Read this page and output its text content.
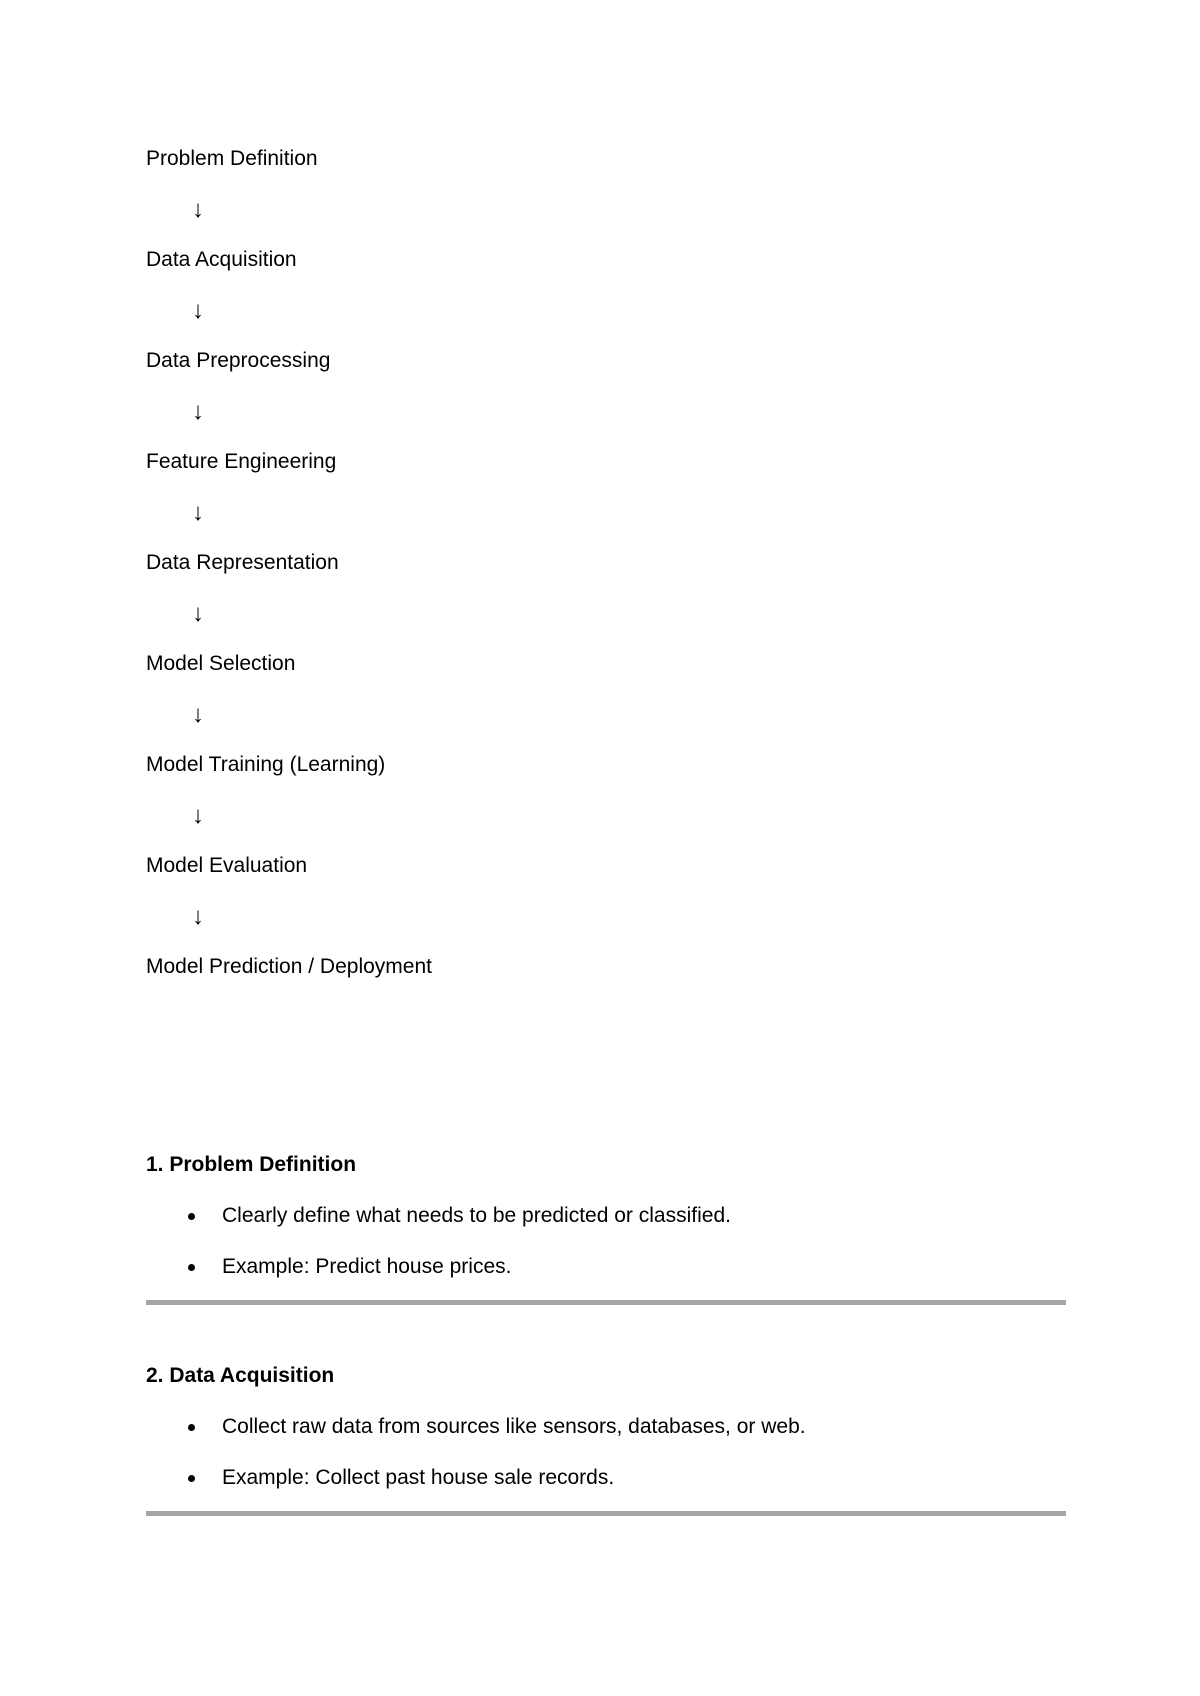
Problem Definition
↓
Data Acquisition
↓
Data Preprocessing
↓
Feature Engineering
↓
Data Representation
↓
Model Selection
↓
Model Training (Learning)
↓
Model Evaluation
↓
Model Prediction / Deployment
1. Problem Definition
Clearly define what needs to be predicted or classified.
Example: Predict house prices.
2. Data Acquisition
Collect raw data from sources like sensors, databases, or web.
Example: Collect past house sale records.
